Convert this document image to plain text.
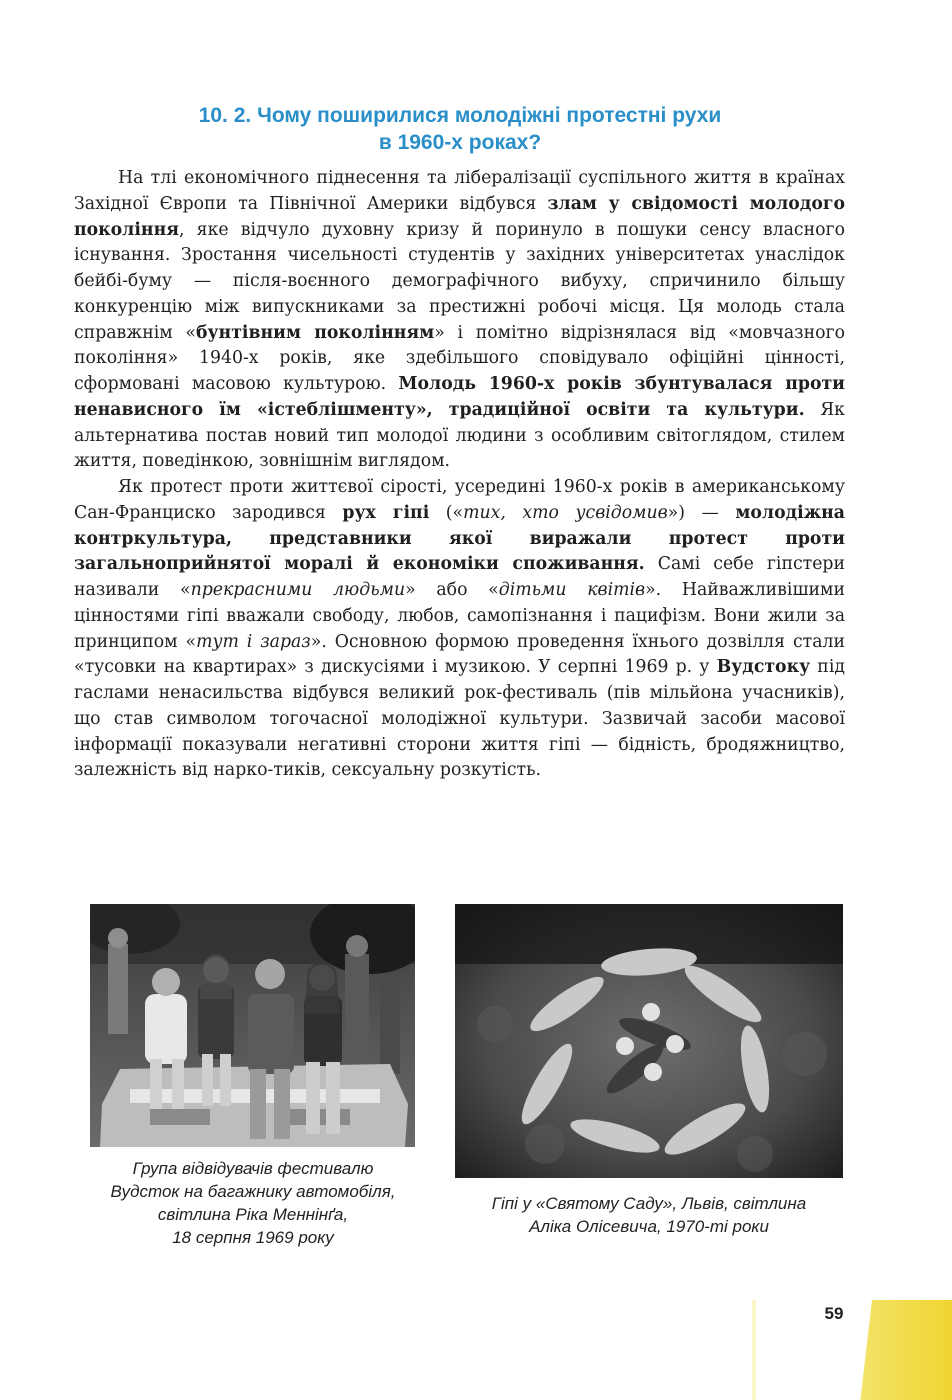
10. 2. Чому поширилися молодіжні протестні рухи
в 1960-х роках?

На тлі економічного піднесення та лібералізації суспільного життя в країнах Західної Європи та Північної Америки відбувся злам у свідомості молодого покоління, яке відчуло духовну кризу й поринуло в пошуки сенсу власного існування. Зростання чисельності студентів у західних університетах унаслідок бейбі-буму — після-воєнного демографічного вибуху, спричинило більшу конкуренцію між випускниками за престижні робочі місця. Ця молодь стала справжнім «бунтівним поколінням» і помітно відрізнялася від «мовчазного покоління» 1940-х років, яке здебільшого сповідувало офіційні цінності, сформовані масовою культурою. Молодь 1960-х років збунтувалася проти ненависного їм «істеблішменту», традиційної освіти та культури. Як альтернатива постав новий тип молодої людини з особливим світоглядом, стилем життя, поведінкою, зовнішнім виглядом.

Як протест проти життєвої сірості, усередині 1960-х років в американському Сан-Франциско зародився рух гіпі («тих, хто усвідомив») — молодіжна контркультура, представники якої виражали протест проти загальноприйнятої моралі й економіки споживання. Самі себе гіпстери називали «прекрасними людьми» або «дітьми квітів». Найважливішими цінностями гіпі вважали свободу, любов, самопізнання і пацифізм. Вони жили за принципом «тут і зараз». Основною формою проведення їхнього дозвілля стали «тусовки на квартирах» з дискусіями і музикою. У серпні 1969 р. у Вудстоку під гаслами ненасильства відбувся великий рок-фестиваль (пів мільйона учасників), що став символом тогочасної молодіжної культури. Зазвичай засоби масової інформації показували негативні сторони життя гіпі — бідність, бродяжництво, залежність від нарко-тиків, сексуальну розкутість.

Група відвідувачів фестивалю
Вудсток на багажнику автомобіля,
світлина Ріка Меннінґа,
18 серпня 1969 року
Гіпі у «Святому Саду», Львів, світлина
Аліка Олісевича, 1970-ті роки
59
